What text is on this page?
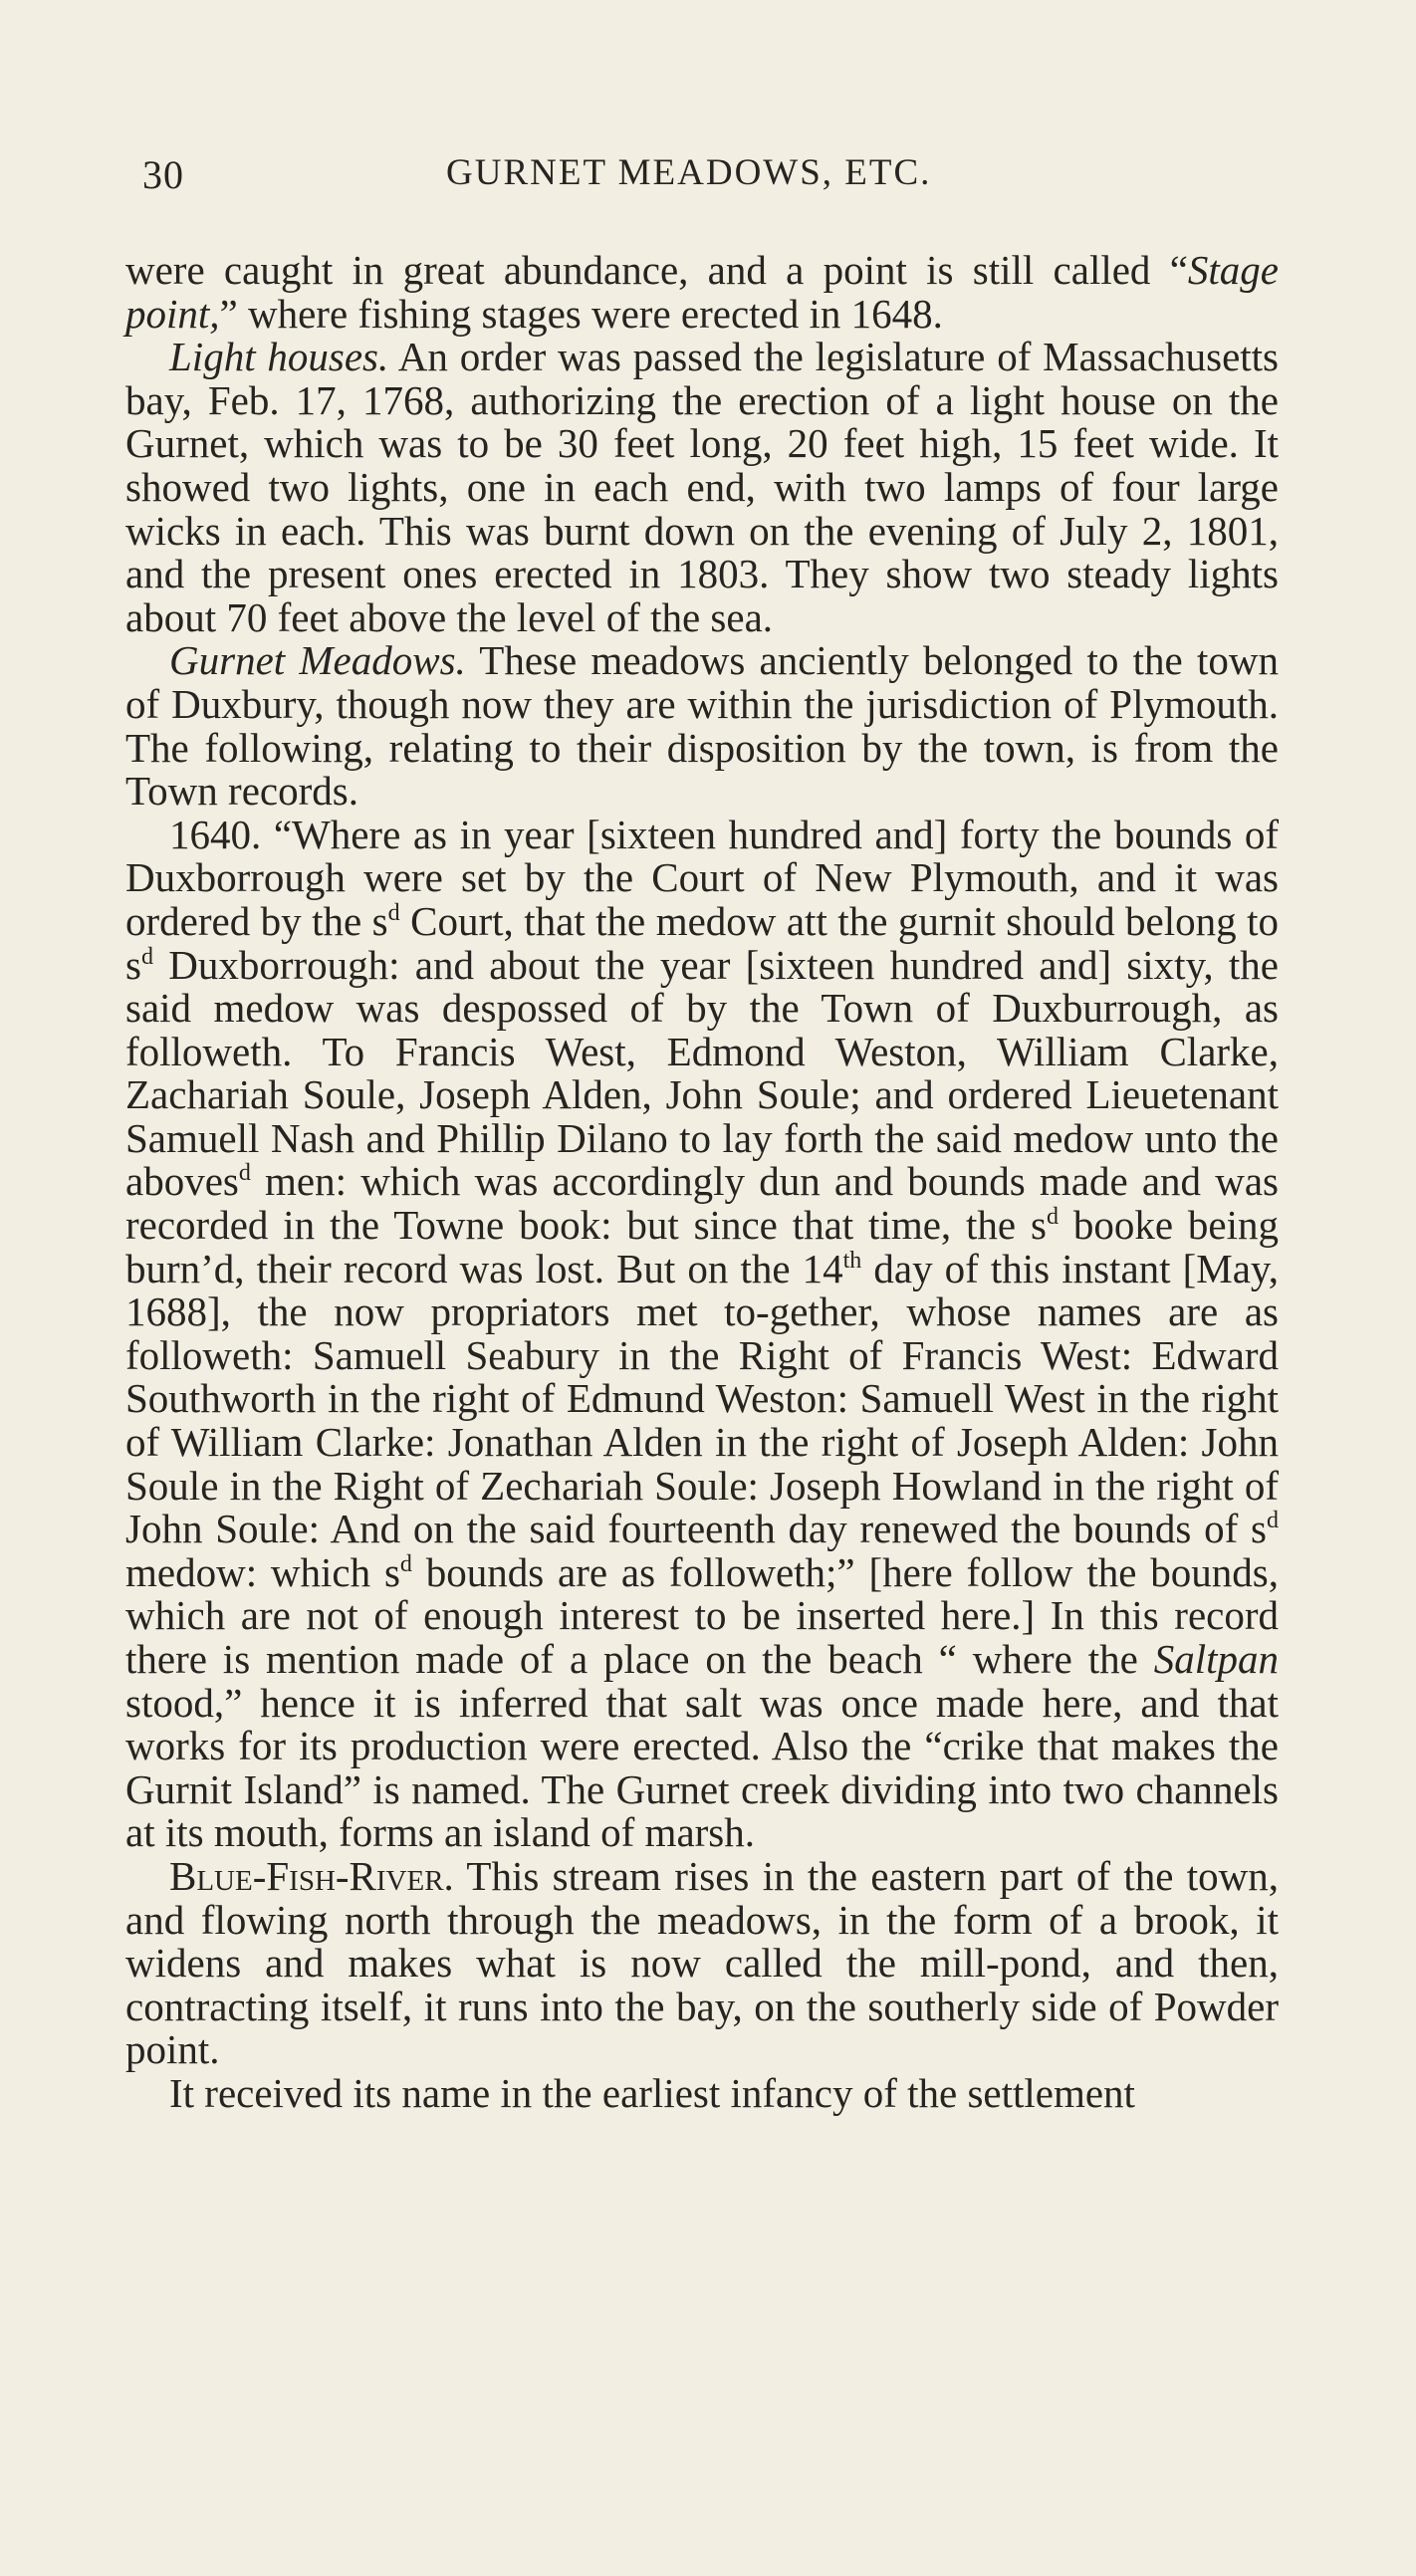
30	GURNET MEADOWS, ETC.

were caught in great abundance, and a point is still called “Stage point,” where fishing stages were erected in 1648.

Light houses. An order was passed the legislature of Massachusetts bay, Feb. 17, 1768, authorizing the erection of a light house on the Gurnet, which was to be 30 feet long, 20 feet high, 15 feet wide. It showed two lights, one in each end, with two lamps of four large wicks in each. This was burnt down on the evening of July 2, 1801, and the present ones erected in 1803. They show two steady lights about 70 feet above the level of the sea.

Gurnet Meadows. These meadows anciently belonged to the town of Duxbury, though now they are within the jurisdiction of Plymouth. The following, relating to their disposition by the town, is from the Town records.

1640. “Where as in year [sixteen hundred and] forty the bounds of Duxborrough were set by the Court of New Plymouth, and it was ordered by the $s^d$ Court, that the medow att the gurnit should belong to $s^d$ Duxborrough: and about the year [sixteen hundred and] sixty, the said medow was despossed of by the Town of Duxburrough, as followeth. To Francis West, Edmond Weston, William Clarke, Zachariah Soule, Joseph Alden, John Soule; and ordered Lieuetenant Samuell Nash and Phillip Dilano to lay forth the said medow unto the aboves$^d$ men: which was accordingly dun and bounds made and was recorded in the Towne book: but since that time, the $s^d$ booke being burn’d, their record was lost. But on the 14th day of this instant [May, 1688], the now propriators met to-gether, whose names are as followeth: Samuell Seabury in the Right of Francis West: Edward Southworth in the right of Edmund Weston: Samuell West in the right of William Clarke: Jonathan Alden in the right of Joseph Alden: John Soule in the Right of Zechariah Soule: Joseph Howland in the right of John Soule: And on the said fourteenth day renewed the bounds of $s^d$ medow: which $s^d$ bounds are as followeth;” [here follow the bounds, which are not of enough interest to be inserted here.] In this record there is mention made of a place on the beach “ where the Saltpan stood,” hence it is inferred that salt was once made here, and that works for its production were erected. Also the “crike that makes the Gurnit Island” is named. The Gurnet creek dividing into two channels at its mouth, forms an island of marsh.

Blue-Fish-River. This stream rises in the eastern part of the town, and flowing north through the meadows, in the form of a brook, it widens and makes what is now called the mill-pond, and then, contracting itself, it runs into the bay, on the southerly side of Powder point.

It received its name in the earliest infancy of the settlement
